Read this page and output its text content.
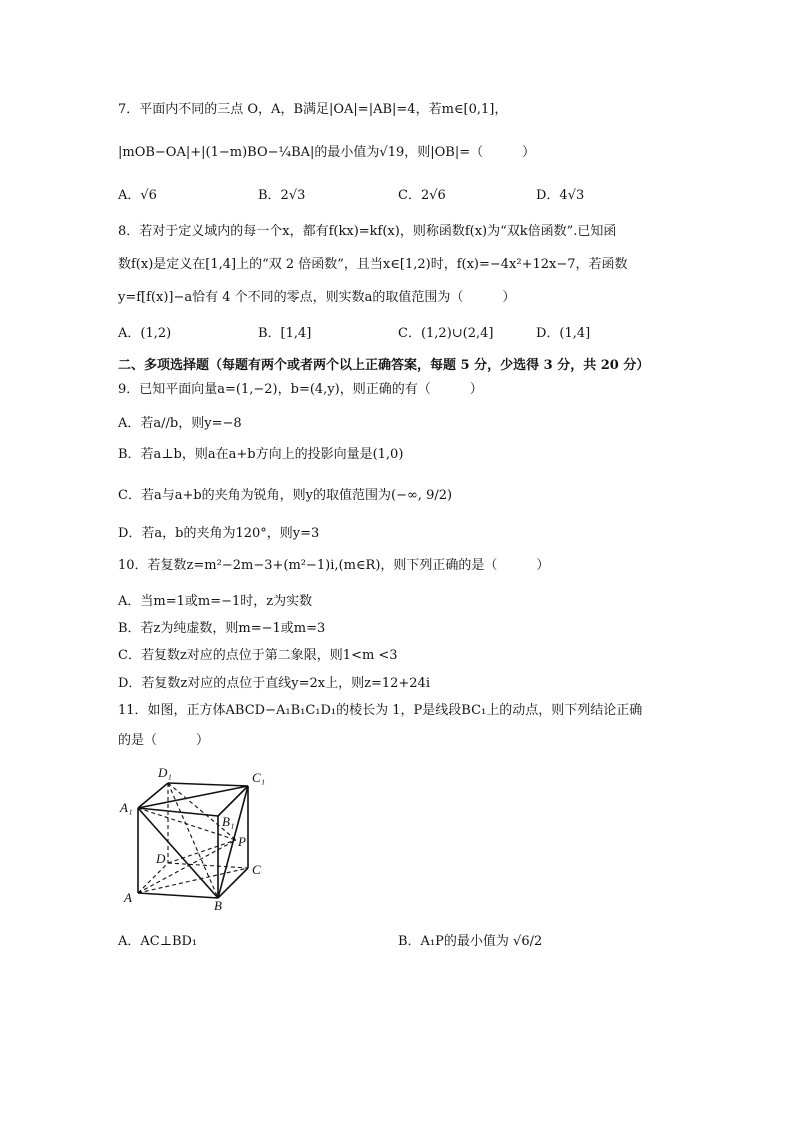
7．平面内不同的三点 O，A，B满足|OA|=|AB|=4，若m∈[0,1]，
|mOB−OA|+|(1−m)BO−¼BA|的最小值为√19，则|OB|=（　　　）
A．√6	B．2√3	C．2√6	D．4√3
8．若对于定义域内的每一个x，都有f(kx)=kf(x)，则称函数f(x)为“双k倍函数”.已知函
数f(x)是定义在[1,4]上的“双 2 倍函数”，且当x∈[1,2)时，f(x)=−4x²+12x−7，若函数
y=f[f(x)]−a恰有 4 个不同的零点，则实数a的取值范围为（　　　）
A．(1,2)	B．[1,4]	C．(1,2)∪(2,4]	D．(1,4]
二、多项选择题（每题有两个或者两个以上正确答案，每题 5 分，少选得 3 分，共 20 分）
9．已知平面向量a=(1,−2)，b=(4,y)，则正确的有（　　　）
A．若a//b，则y=−8
B．若a⊥b，则a在a+b方向上的投影向量是(1,0)
C．若a与a+b的夹角为锐角，则y的取值范围为(−∞, 9/2)
D．若a，b的夹角为120°，则y=3
10．若复数z=m²−2m−3+(m²−1)i,(m∈R)，则下列正确的是（　　　）
A．当m=1或m=−1时，z为实数
B．若z为纯虚数，则m=−1或m=3
C．若复数z对应的点位于第二象限，则1<m <3
D．若复数z对应的点位于直线y=2x上，则z=12+24i
11．如图，正方体ABCD−A₁B₁C₁D₁的棱长为 1，P是线段BC₁上的动点，则下列结论正确
的是（　　　）
D₁	C₁
A₁
B₁
P
D
C
A
B
A．AC⊥BD₁	B．A₁P的最小值为 √6/2
